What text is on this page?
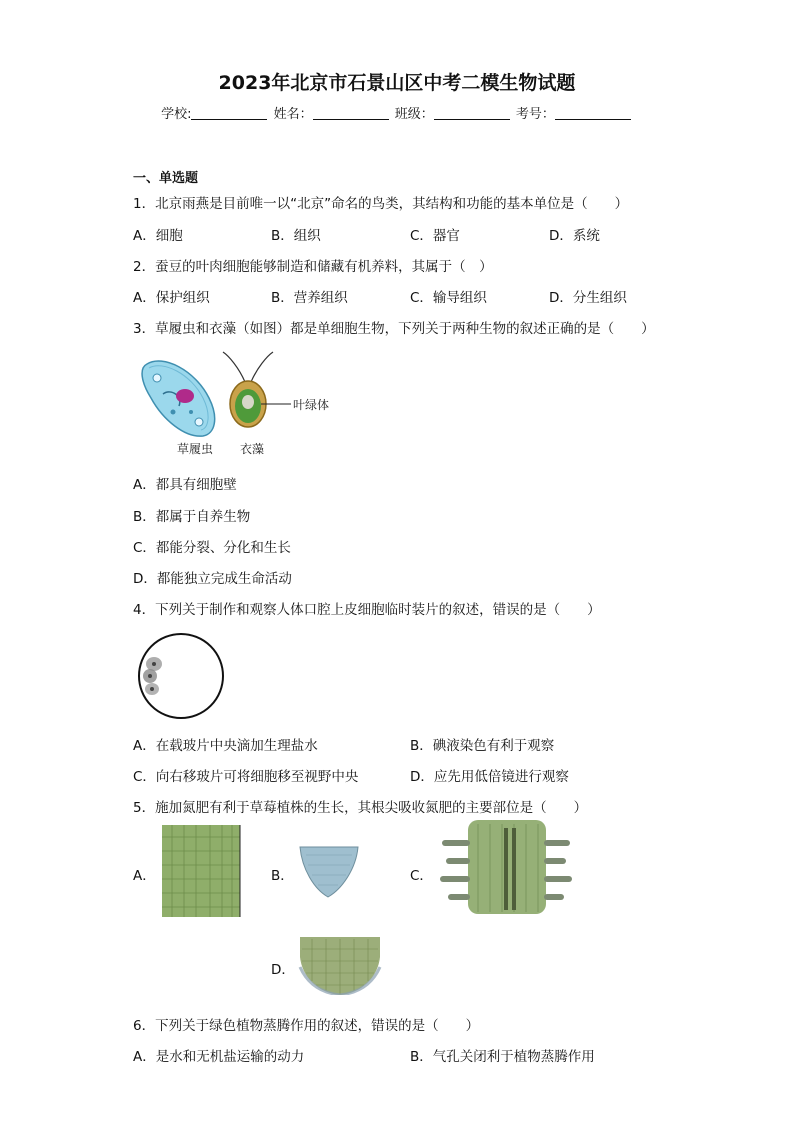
2023年北京市石景山区中考二模生物试题
学校:	姓名：	班级：	考号：
一、单选题
1．北京雨燕是目前唯一以“北京”命名的鸟类，其结构和功能的基本单位是（　　）
A．细胞	B．组织	C．器官	D．系统
2．蚕豆的叶肉细胞能够制造和储藏有机养料，其属于（　）
A．保护组织	B．营养组织	C．输导组织	D．分生组织
3．草履虫和衣藻（如图）都是单细胞生物，下列关于两种生物的叙述正确的是（　　）
叶绿体
草履虫 衣藻
A．都具有细胞壁
B．都属于自养生物
C．都能分裂、分化和生长
D．都能独立完成生命活动
4．下列关于制作和观察人体口腔上皮细胞临时装片的叙述，错误的是（　　）
A．在载玻片中央滴加生理盐水	B．碘液染色有利于观察
C．向右移玻片可将细胞移至视野中央	D．应先用低倍镜进行观察
5．施加氮肥有利于草莓植株的生长，其根尖吸收氮肥的主要部位是（　　）
A．	B．	C．
D．
6．下列关于绿色植物蒸腾作用的叙述，错误的是（　　）
A．是水和无机盐运输的动力	B．气孔关闭利于植物蒸腾作用
